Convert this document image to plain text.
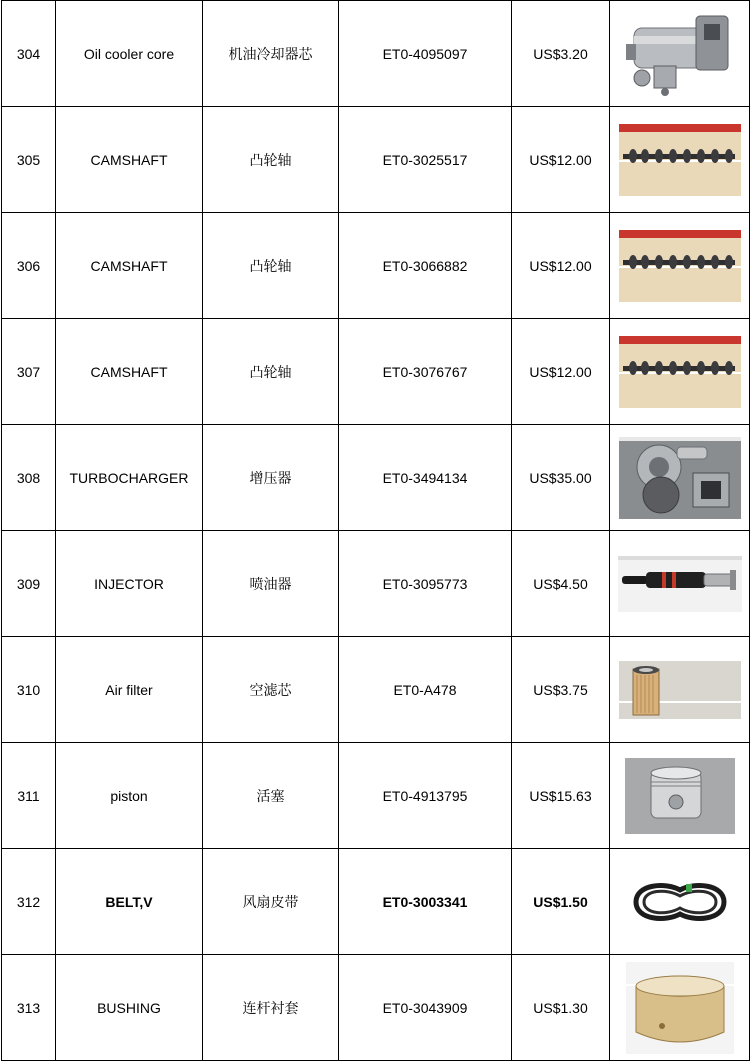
304	Oil cooler core	机油冷却器芯	ET0-4095097	US$3.20	

305	CAMSHAFT	凸轮轴	ET0-3025517	US$12.00	

306	CAMSHAFT	凸轮轴	ET0-3066882	US$12.00	

307	CAMSHAFT	凸轮轴	ET0-3076767	US$12.00	

308	TURBOCHARGER	增压器	ET0-3494134	US$35.00	

309	INJECTOR	喷油器	ET0-3095773	US$4.50	

310	Air filter	空滤芯	ET0-A478	US$3.75	

311	piston	活塞	ET0-4913795	US$15.63	

312	BELT,V	风扇皮带	ET0-3003341	US$1.50	

313	BUSHING	连杆衬套	ET0-3043909	US$1.30	
